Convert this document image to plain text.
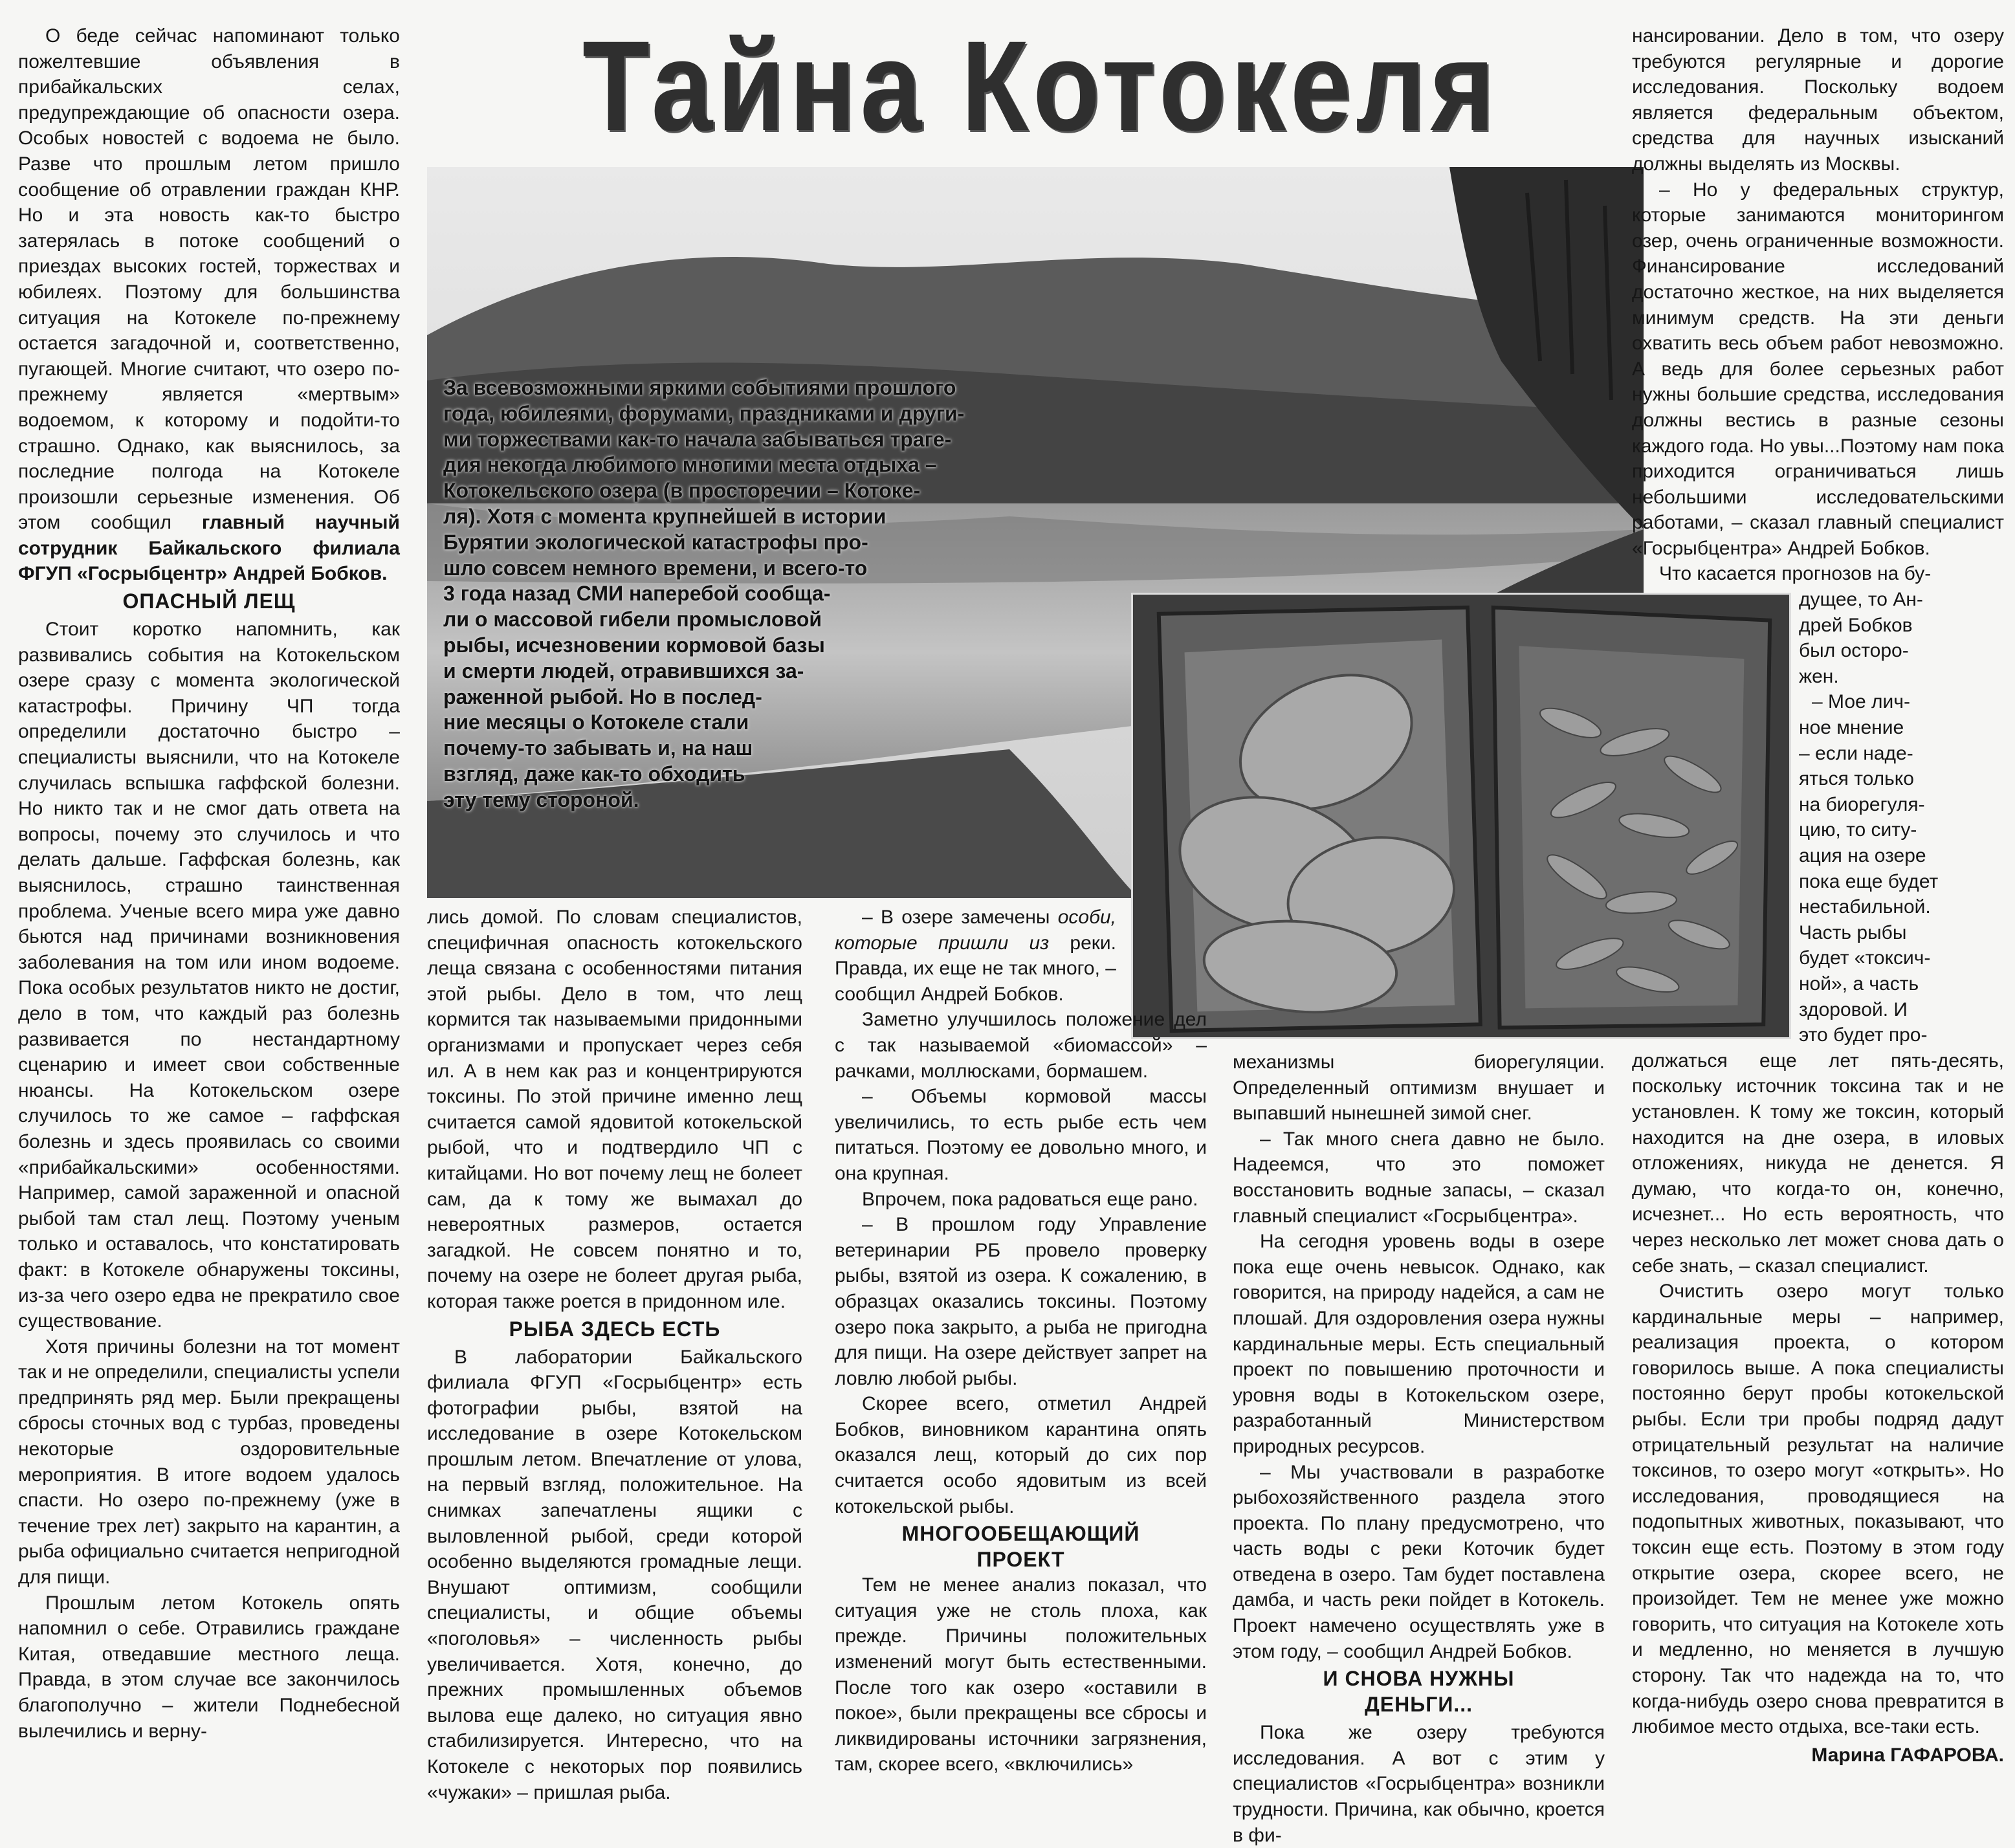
Тайна Котокеля
За всевозможными яркими событиями прошлого
года, юбилеями, форумами, праздниками и други-
ми торжествами как-то начала забываться траге-
дия некогда любимого многими места отдыха –
Котокельского озера (в просторечии – Котоке-
ля). Хотя с момента крупнейшей в истории
Бурятии экологической катастрофы про-
шло совсем немного времени, и всего-то
3 года назад СМИ наперебой сообща-
ли о массовой гибели промысловой
рыбы, исчезновении кормовой базы
и смерти людей, отравившихся за-
раженной рыбой. Но в послед-
ние месяцы о Котокеле стали
почему-то забывать и, на наш
взгляд, даже как-то обходить
эту тему стороной.

О беде сейчас напоминают только пожелтевшие объявления в прибайкальских селах, предупреждающие об опасности озера. Особых новостей с водоема не было. Разве что прошлым летом пришло сообщение об отравлении граждан КНР. Но и эта новость как-то быстро затерялась в потоке сообщений о приездах высоких гостей, торжествах и юбилеях. Поэтому для большинства ситуация на Котокеле по-прежнему остается загадочной и, соответственно, пугающей. Многие считают, что озеро по-прежнему является «мертвым» водоемом, к которому и подойти-то страшно. Однако, как выяснилось, за последние полгода на Котокеле произошли серьезные изменения. Об этом сообщил главный научный сотрудник Байкальского филиала ФГУП «Госрыбцентр» Андрей Бобков.

ОПАСНЫЙ ЛЕЩ

Стоит коротко напомнить, как развивались события на Котокельском озере сразу с момента экологической катастрофы. Причину ЧП тогда определили достаточно быстро – специалисты выяснили, что на Котокеле случилась вспышка гаффской болезни. Но никто так и не смог дать ответа на вопросы, почему это случилось и что делать дальше. Гаффская болезнь, как выяснилось, страшно таинственная проблема. Ученые всего мира уже давно бьются над причинами возникновения заболевания на том или ином водоеме. Пока особых результатов никто не достиг, дело в том, что каждый раз болезнь развивается по нестандартному сценарию и имеет свои собственные нюансы. На Котокельском озере случилось то же самое – гаффская болезнь и здесь проявилась со своими «прибайкальскими» особенностями. Например, самой зараженной и опасной рыбой там стал лещ. Поэтому ученым только и оставалось, что констатировать факт: в Котокеле обнаружены токсины, из-за чего озеро едва не прекратило свое существование.

Хотя причины болезни на тот момент так и не определили, специалисты успели предпринять ряд мер. Были прекращены сбросы сточных вод с турбаз, проведены некоторые оздоровительные мероприятия. В итоге водоем удалось спасти. Но озеро по-прежнему (уже в течение трех лет) закрыто на карантин, а рыба официально считается непригодной для пищи.

Прошлым летом Котокель опять напомнил о себе. Отравились граждане Китая, отведавшие местного леща. Правда, в этом случае все закончилось благополучно – жители Поднебесной вылечились и верну-

лись домой. По словам специалистов, специфичная опасность котокельского леща связана с особенностями питания этой рыбы. Дело в том, что лещ кормится так называемыми придонными организмами и пропускает через себя ил. А в нем как раз и концентрируются токсины. По этой причине именно лещ считается самой ядовитой котокельской рыбой, что и подтвердило ЧП с китайцами. Но вот почему лещ не болеет сам, да к тому же вымахал до невероятных размеров, остается загадкой. Не совсем понятно и то, почему на озере не болеет другая рыба, которая также роется в придонном иле.

РЫБА ЗДЕСЬ ЕСТЬ

В лаборатории Байкальского филиала ФГУП «Госрыбцентр» есть фотографии рыбы, взятой на исследование в озере Котокельском прошлым летом. Впечатление от улова, на первый взгляд, положительное. На снимках запечатлены ящики с выловленной рыбой, среди которой особенно выделяются громадные лещи. Внушают оптимизм, сообщили специалисты, и общие объемы «поголовья» – численность рыбы увеличивается. Хотя, конечно, до прежних промышленных объемов вылова еще далеко, но ситуация явно стабилизируется. Интересно, что на Котокеле с некоторых пор появились «чужаки» – пришлая рыба.

– В озере замечены особи, которые пришли из реки. Правда, их еще не так много, – сообщил Андрей Бобков.

Заметно улучшилось положение дел с так называемой «биомассой» – рачками, моллюсками, бормашем.

– Объемы кормовой массы увеличились, то есть рыбе есть чем питаться. Поэтому ее довольно много, и она крупная.

Впрочем, пока радоваться еще рано.

– В прошлом году Управление ветеринарии РБ провело проверку рыбы, взятой из озера. К сожалению, в образцах оказались токсины. Поэтому озеро пока закрыто, а рыба не пригодна для пищи. На озере действует запрет на ловлю любой рыбы.

Скорее всего, отметил Андрей Бобков, виновником карантина опять оказался лещ, который до сих пор считается особо ядовитым из всей котокельской рыбы.

МНОГООБЕЩАЮЩИЙ
ПРОЕКТ

Тем не менее анализ показал, что ситуация уже не столь плоха, как прежде. Причины положительных изменений могут быть естественными. После того как озеро «оставили в покое», были прекращены все сбросы и ликвидированы источники загрязнения, там, скорее всего, «включились»

механизмы биорегуляции. Определенный оптимизм внушает и выпавший нынешней зимой снег.

– Так много снега давно не было. Надеемся, что это поможет восстановить водные запасы, – сказал главный специалист «Госрыбцентра».

На сегодня уровень воды в озере пока еще очень невысок. Однако, как говорится, на природу надейся, а сам не плошай. Для оздоровления озера нужны кардинальные меры. Есть специальный проект по повышению проточности и уровня воды в Котокельском озере, разработанный Министерством природных ресурсов.

– Мы участвовали в разработке рыбохозяйственного раздела этого проекта. По плану предусмотрено, что часть воды с реки Коточик будет отведена в озеро. Там будет поставлена дамба, и часть реки пойдет в Котокель. Проект намечено осуществлять уже в этом году, – сообщил Андрей Бобков.

И СНОВА НУЖНЫ
ДЕНЬГИ...

Пока же озеру требуются исследования. А вот с этим у специалистов «Госрыбцентра» возникли трудности. Причина, как обычно, кроется в фи-

нансировании. Дело в том, что озеру требуются регулярные и дорогие исследования. Поскольку водоем является федеральным объектом, средства для научных изысканий должны выделять из Москвы.

– Но у федеральных структур, которые занимаются мониторингом озер, очень ограниченные возможности. Финансирование исследований достаточно жесткое, на них выделяется минимум средств. На эти деньги охватить весь объем работ невозможно. А ведь для более серьезных работ нужны большие средства, исследования должны вестись в разные сезоны каждого года. Но увы...Поэтому нам пока приходится ограничиваться лишь небольшими исследовательскими работами, – сказал главный специалист «Госрыбцентра» Андрей Бобков.

Что касается прогнозов на бу-
дущее, то Ан-
дрей Бобков
был осторо-
жен.

– Мое лич-
ное мнение
– если наде-
яться только
на биорегуля-
цию, то ситу-
ация на озере
пока еще будет
нестабильной.
Часть рыбы
будет «токсич-
ной», а часть
здоровой. И
это будет про-

должаться еще лет пять-десять, поскольку источник токсина так и не установлен. К тому же токсин, который находится на дне озера, в иловых отложениях, никуда не денется. Я думаю, что когда-то он, конечно, исчезнет... Но есть вероятность, что через несколько лет может снова дать о себе знать, – сказал специалист.

Очистить озеро могут только кардинальные меры – например, реализация проекта, о котором говорилось выше. А пока специалисты постоянно берут пробы котокельской рыбы. Если три пробы подряд дадут отрицательный результат на наличие токсинов, то озеро могут «открыть». Но исследования, проводящиеся на подопытных животных, показывают, что токсин еще есть. Поэтому в этом году открытие озера, скорее всего, не произойдет. Тем не менее уже можно говорить, что ситуация на Котокеле хоть и медленно, но меняется в лучшую сторону. Так что надежда на то, что когда-нибудь озеро снова превратится в любимое место отдыха, все-таки есть.

Марина ГАФАРОВА.
